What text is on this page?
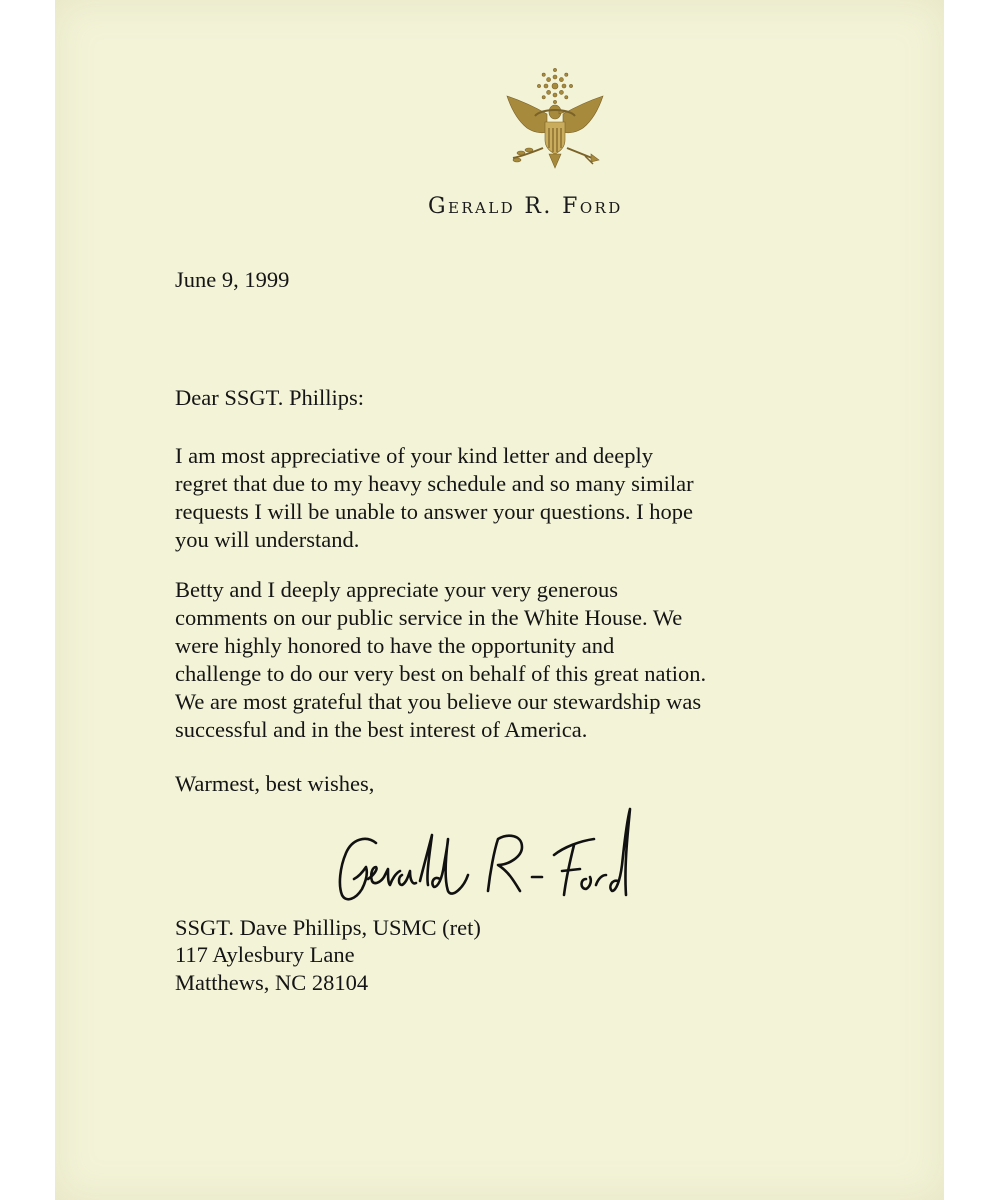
Gerald R. Ford
June 9, 1999
Dear SSGT. Phillips:
I am most appreciative of your kind letter and deeply
regret that due to my heavy schedule and so many similar
requests I will be unable to answer your questions. I hope
you will understand.
Betty and I deeply appreciate your very generous
comments on our public service in the White House. We
were highly honored to have the opportunity and
challenge to do our very best on behalf of this great nation.
We are most grateful that you believe our stewardship was
successful and in the best interest of America.
Warmest, best wishes,
SSGT. Dave Phillips, USMC (ret)
117 Aylesbury Lane
Matthews, NC 28104
